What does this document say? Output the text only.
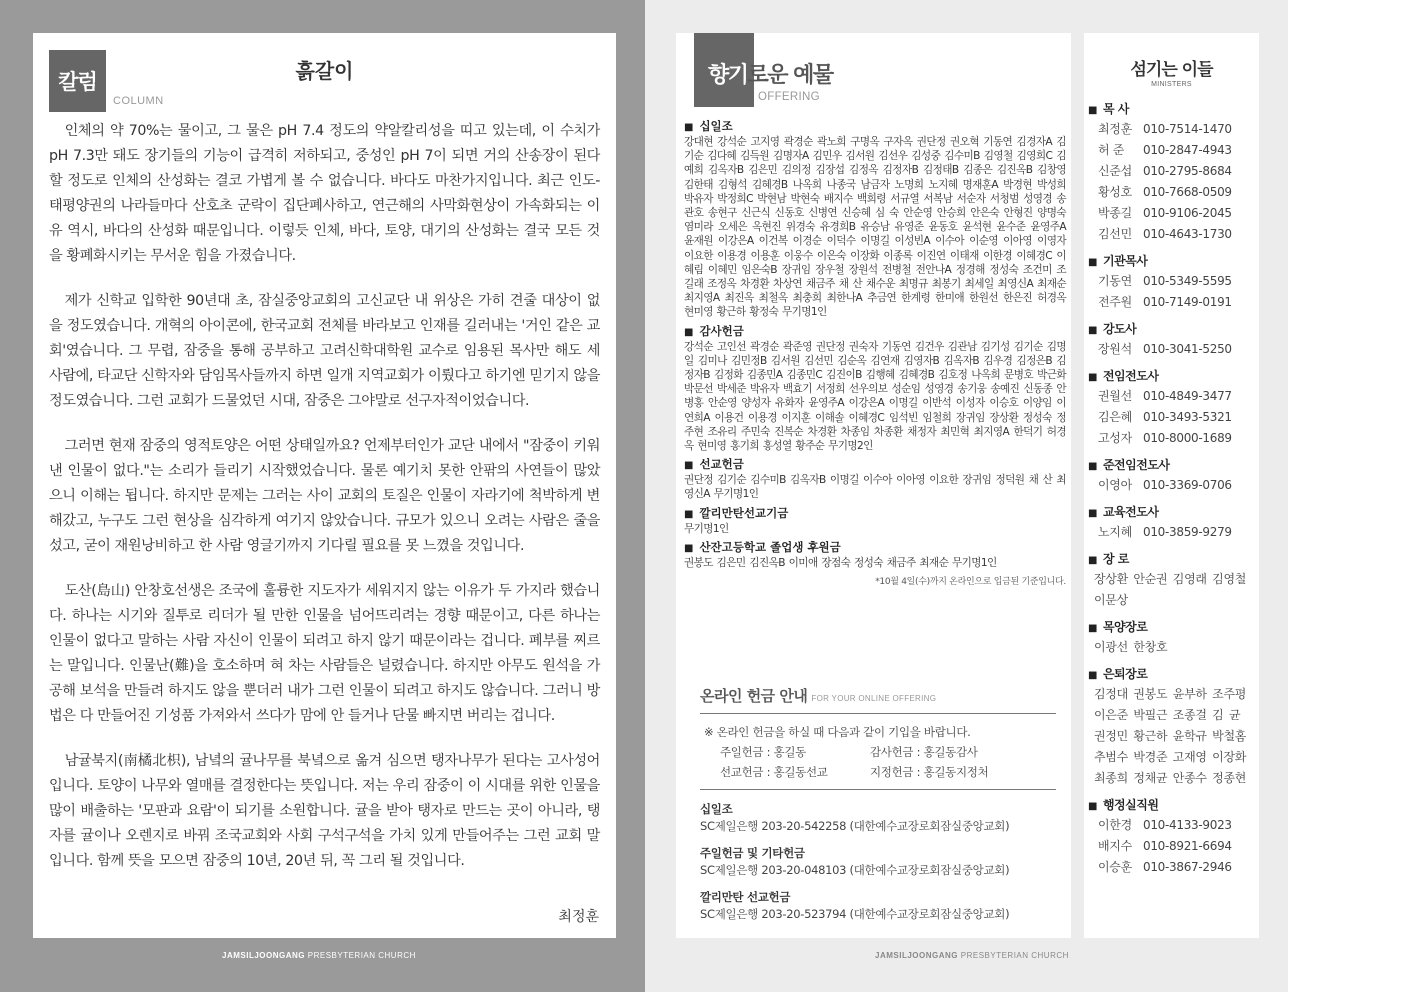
칼럼
COLUMN
흙갈이

인체의 약 70%는 물이고, 그 물은 pH 7.4 정도의 약알칼리성을 띠고 있는데, 이 수치가 pH 7.3만 돼도 장기들의 기능이 급격히 저하되고, 중성인 pH 7이 되면 거의 산송장이 된다 할 정도로 인체의 산성화는 결코 가볍게 볼 수 없습니다. 바다도 마찬가지입니다. 최근 인도-태평양권의 나라들마다 산호초 군락이 집단폐사하고, 연근해의 사막화현상이 가속화되는 이유 역시, 바다의 산성화 때문입니다. 이렇듯 인체, 바다, 토양, 대기의 산성화는 결국 모든 것을 황폐화시키는 무서운 힘을 가졌습니다.

제가 신학교 입학한 90년대 초, 잠실중앙교회의 고신교단 내 위상은 가히 견줄 대상이 없을 정도였습니다. 개혁의 아이콘에, 한국교회 전체를 바라보고 인재를 길러내는 '거인 같은 교회'였습니다. 그 무렵, 잠중을 통해 공부하고 고려신학대학원 교수로 임용된 목사만 해도 세 사람에, 타교단 신학자와 담임목사들까지 하면 일개 지역교회가 이뤘다고 하기엔 믿기지 않을 정도였습니다. 그런 교회가 드물었던 시대, 잠중은 그야말로 선구자적이었습니다.

그러면 현재 잠중의 영적토양은 어떤 상태일까요? 언제부터인가 교단 내에서 "잠중이 키워낸 인물이 없다."는 소리가 들리기 시작했었습니다. 물론 예기치 못한 안팎의 사연들이 많았으니 이해는 됩니다. 하지만 문제는 그러는 사이 교회의 토질은 인물이 자라기에 척박하게 변해갔고, 누구도 그런 현상을 심각하게 여기지 않았습니다. 규모가 있으니 오려는 사람은 줄을 섰고, 굳이 재원낭비하고 한 사람 영글기까지 기다릴 필요를 못 느꼈을 것입니다.

도산(島山) 안창호선생은 조국에 훌륭한 지도자가 세워지지 않는 이유가 두 가지라 했습니다. 하나는 시기와 질투로 리더가 될 만한 인물을 넘어뜨리려는 경향 때문이고, 다른 하나는 인물이 없다고 말하는 사람 자신이 인물이 되려고 하지 않기 때문이라는 겁니다. 폐부를 찌르는 말입니다. 인물난(難)을 호소하며 혀 차는 사람들은 널렸습니다. 하지만 아무도 원석을 가공해 보석을 만들려 하지도 않을 뿐더러 내가 그런 인물이 되려고 하지도 않습니다. 그러니 방법은 다 만들어진 기성품 가져와서 쓰다가 맘에 안 들거나 단물 빠지면 버리는 겁니다.

남귤북지(南橘北枳), 남녘의 귤나무를 북녘으로 옮겨 심으면 탱자나무가 된다는 고사성어입니다. 토양이 나무와 열매를 결정한다는 뜻입니다. 저는 우리 잠중이 이 시대를 위한 인물을 많이 배출하는 '모판과 요람'이 되기를 소원합니다. 귤을 받아 탱자로 만드는 곳이 아니라, 탱자를 귤이나 오렌지로 바꿔 조국교회와 사회 구석구석을 가치 있게 만들어주는 그런 교회 말입니다. 함께 뜻을 모으면 잠중의 10년, 20년 뒤, 꼭 그리 될 것입니다.

최정훈
JAMSILJOONGANG PRESBYTERIAN CHURCH	JAMSILJOONGANG PRESBYTERIAN CHURCH
향기로운 예물
OFFERING
■ 십일조
강대현 강석순 고지영 곽경순 곽노희 구명옥 구자옥 권단정 권오혁 기동연 김경자A 김기순 김다혜 김득원 김명자A 김민우 김서원 김선우 김성중 김수미B 김영철 김영희C 김예희 김옥자B 김은민 김의정 김장섭 김정옥 김정자B 김정태B 김종은 김진옥B 김창영 김한태 김형석 김혜경B 나옥희 나종국 남금자 노명희 노지혜 명재훈A 박경현 박성희 박유자 박정희C 박현남 박현숙 배지수 백희령 서규열 서복남 서순자 서청범 성영경 송관호 송현구 신근식 신동호 신병연 신승혜 심 숙 안순영 안승희 안은숙 안형진 양명숙 염미라 오세은 옥현진 위경숙 유경희B 유승남 유영준 윤동호 윤석현 윤수준 윤영주A 윤재원 이강은A 이건복 이경순 이덕수 이명길 이성빈A 이수아 이순영 이아영 이영자 이요한 이용경 이용훈 이웅수 이은숙 이장화 이종록 이진연 이태재 이한경 이혜경C 이혜림 이혜민 임은숙B 장귀임 장우철 장원석 전병철 전안나A 정경해 정성숙 조건미 조길래 조정옥 차경환 차상연 채금주 채 산 채수운 최명규 최봉기 최세일 최영신A 최재순 최지영A 최진옥 최철옥 최충희 최한나A 추금연 한계령 한미애 한원선 한은진 허경옥 현미영 황근하 황정숙 무기명1인
■ 감사헌금
강석순 고인선 곽경순 곽준영 권단정 권숙자 기동연 김건우 김관남 김기성 김기순 김명일 김미나 김민정B 김서원 김선민 김순옥 김연재 김영자B 김옥자B 김우경 김정은B 김정자B 김정화 김종민A 김종민C 김진이B 김행혜 김혜경B 김호정 나옥희 문병호 박근화 박문선 박세준 박유자 백효기 서정희 선우의보 성순임 성영경 송기웅 송예진 신동종 안병홍 안순영 양성자 유화자 윤영주A 이강은A 이명길 이반석 이성자 이승호 이양임 이연희A 이용건 이용경 이지훈 이해솔 이혜경C 임석빈 임철희 장귀임 장상환 정성숙 정주현 조유리 주민숙 진복순 차경환 차종임 차종환 채정자 최민혁 최지영A 한덕기 허경옥 현미영 홍기희 홍성열 황주순 무기명2인
■ 선교헌금
권단정 김기순 김수미B 김옥자B 이명길 이수아 이아영 이요한 장귀임 정덕원 채 산 최영신A 무기명1인
■ 깔리만탄선교기금
무기명1인
■ 산잔고등학교 졸업생 후원금
권봉도 김은민 김진옥B 이미애 장점숙 정성숙 채금주 최재순 무기명1인
*10월 4일(수)까지 온라인으로 입금된 기준입니다.
온라인 헌금 안내 FOR YOUR ONLINE OFFERING
※ 온라인 헌금을 하실 때 다음과 같이 기입을 바랍니다.
주일헌금 : 홍길동	감사헌금 : 홍길동감사
선교헌금 : 홍길동선교	지정헌금 : 홍길동지정처
십일조
SC제일은행 203-20-542258 (대한예수교장로회잠실중앙교회)
주일헌금 및 기타헌금
SC제일은행 203-20-048103 (대한예수교장로회잠실중앙교회)
깔리만탄 선교헌금
SC제일은행 203-20-523794 (대한예수교장로회잠실중앙교회)
섬기는 이들
MINISTERS
■ 목 사
최정훈 010-7514-1470
허 준 010-2847-4943
신준섭 010-2795-8684
황성호 010-7668-0509
박종길 010-9106-2045
김선민 010-4643-1730
■ 기관목사
기동연 010-5349-5595
전주원 010-7149-0191
■ 강도사
장원석 010-3041-5250
■ 전임전도사
권월선 010-4849-3477
김은혜 010-3493-5321
고성자 010-8000-1689
■ 준전임전도사
이영아 010-3369-0706
■ 교육전도사
노지혜 010-3859-9279
■ 장 로
장상환 안순권 김영래 김영철 이문상
■ 목양장로
이광선 한창호
■ 은퇴장로
김정대 권봉도 윤부하 조주평 이은준 박필근 조종걸 김 균 권정민 황근하 윤학규 박철홈 추범수 박경준 고재영 이장화 최종희 정채균 안종수 정종현
■ 행정실직원
이한경 010-4133-9023
배지수 010-8921-6694
이승훈 010-3867-2946
